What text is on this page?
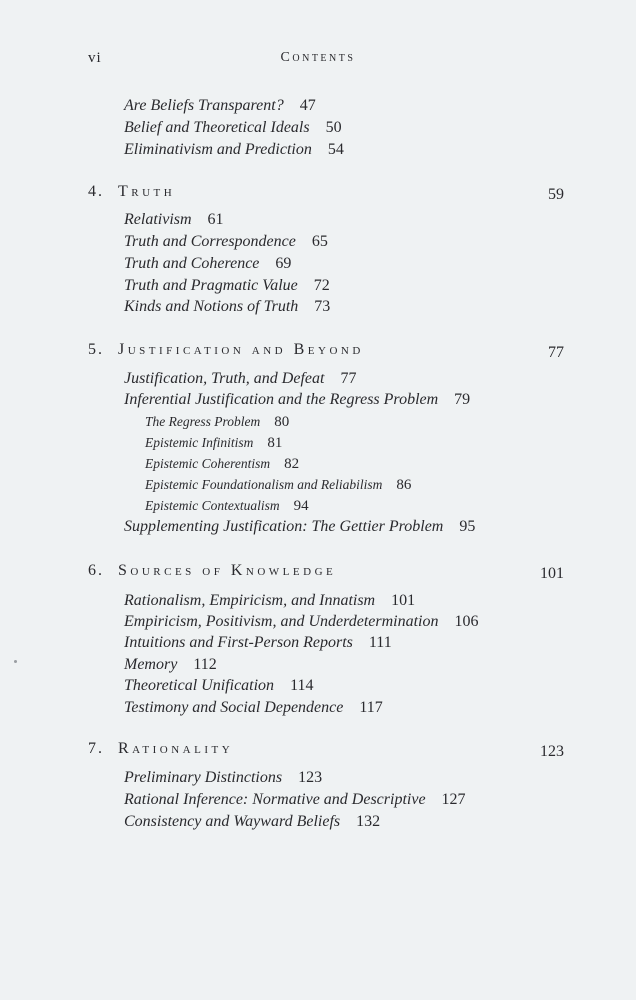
vi	Contents
Are Beliefs Transparent? 47
Belief and Theoretical Ideals 50
Eliminativism and Prediction 54
4. Truth	59
Relativism 61
Truth and Correspondence 65
Truth and Coherence 69
Truth and Pragmatic Value 72
Kinds and Notions of Truth 73
5. Justification and Beyond	77
Justification, Truth, and Defeat 77
Inferential Justification and the Regress Problem 79
The Regress Problem 80
Epistemic Infinitism 81
Epistemic Coherentism 82
Epistemic Foundationalism and Reliabilism 86
Epistemic Contextualism 94
Supplementing Justification: The Gettier Problem 95
6. Sources of Knowledge	101
Rationalism, Empiricism, and Innatism 101
Empiricism, Positivism, and Underdetermination 106
Intuitions and First-Person Reports 111
Memory 112
Theoretical Unification 114
Testimony and Social Dependence 117
7. Rationality	123
Preliminary Distinctions 123
Rational Inference: Normative and Descriptive 127
Consistency and Wayward Beliefs 132
